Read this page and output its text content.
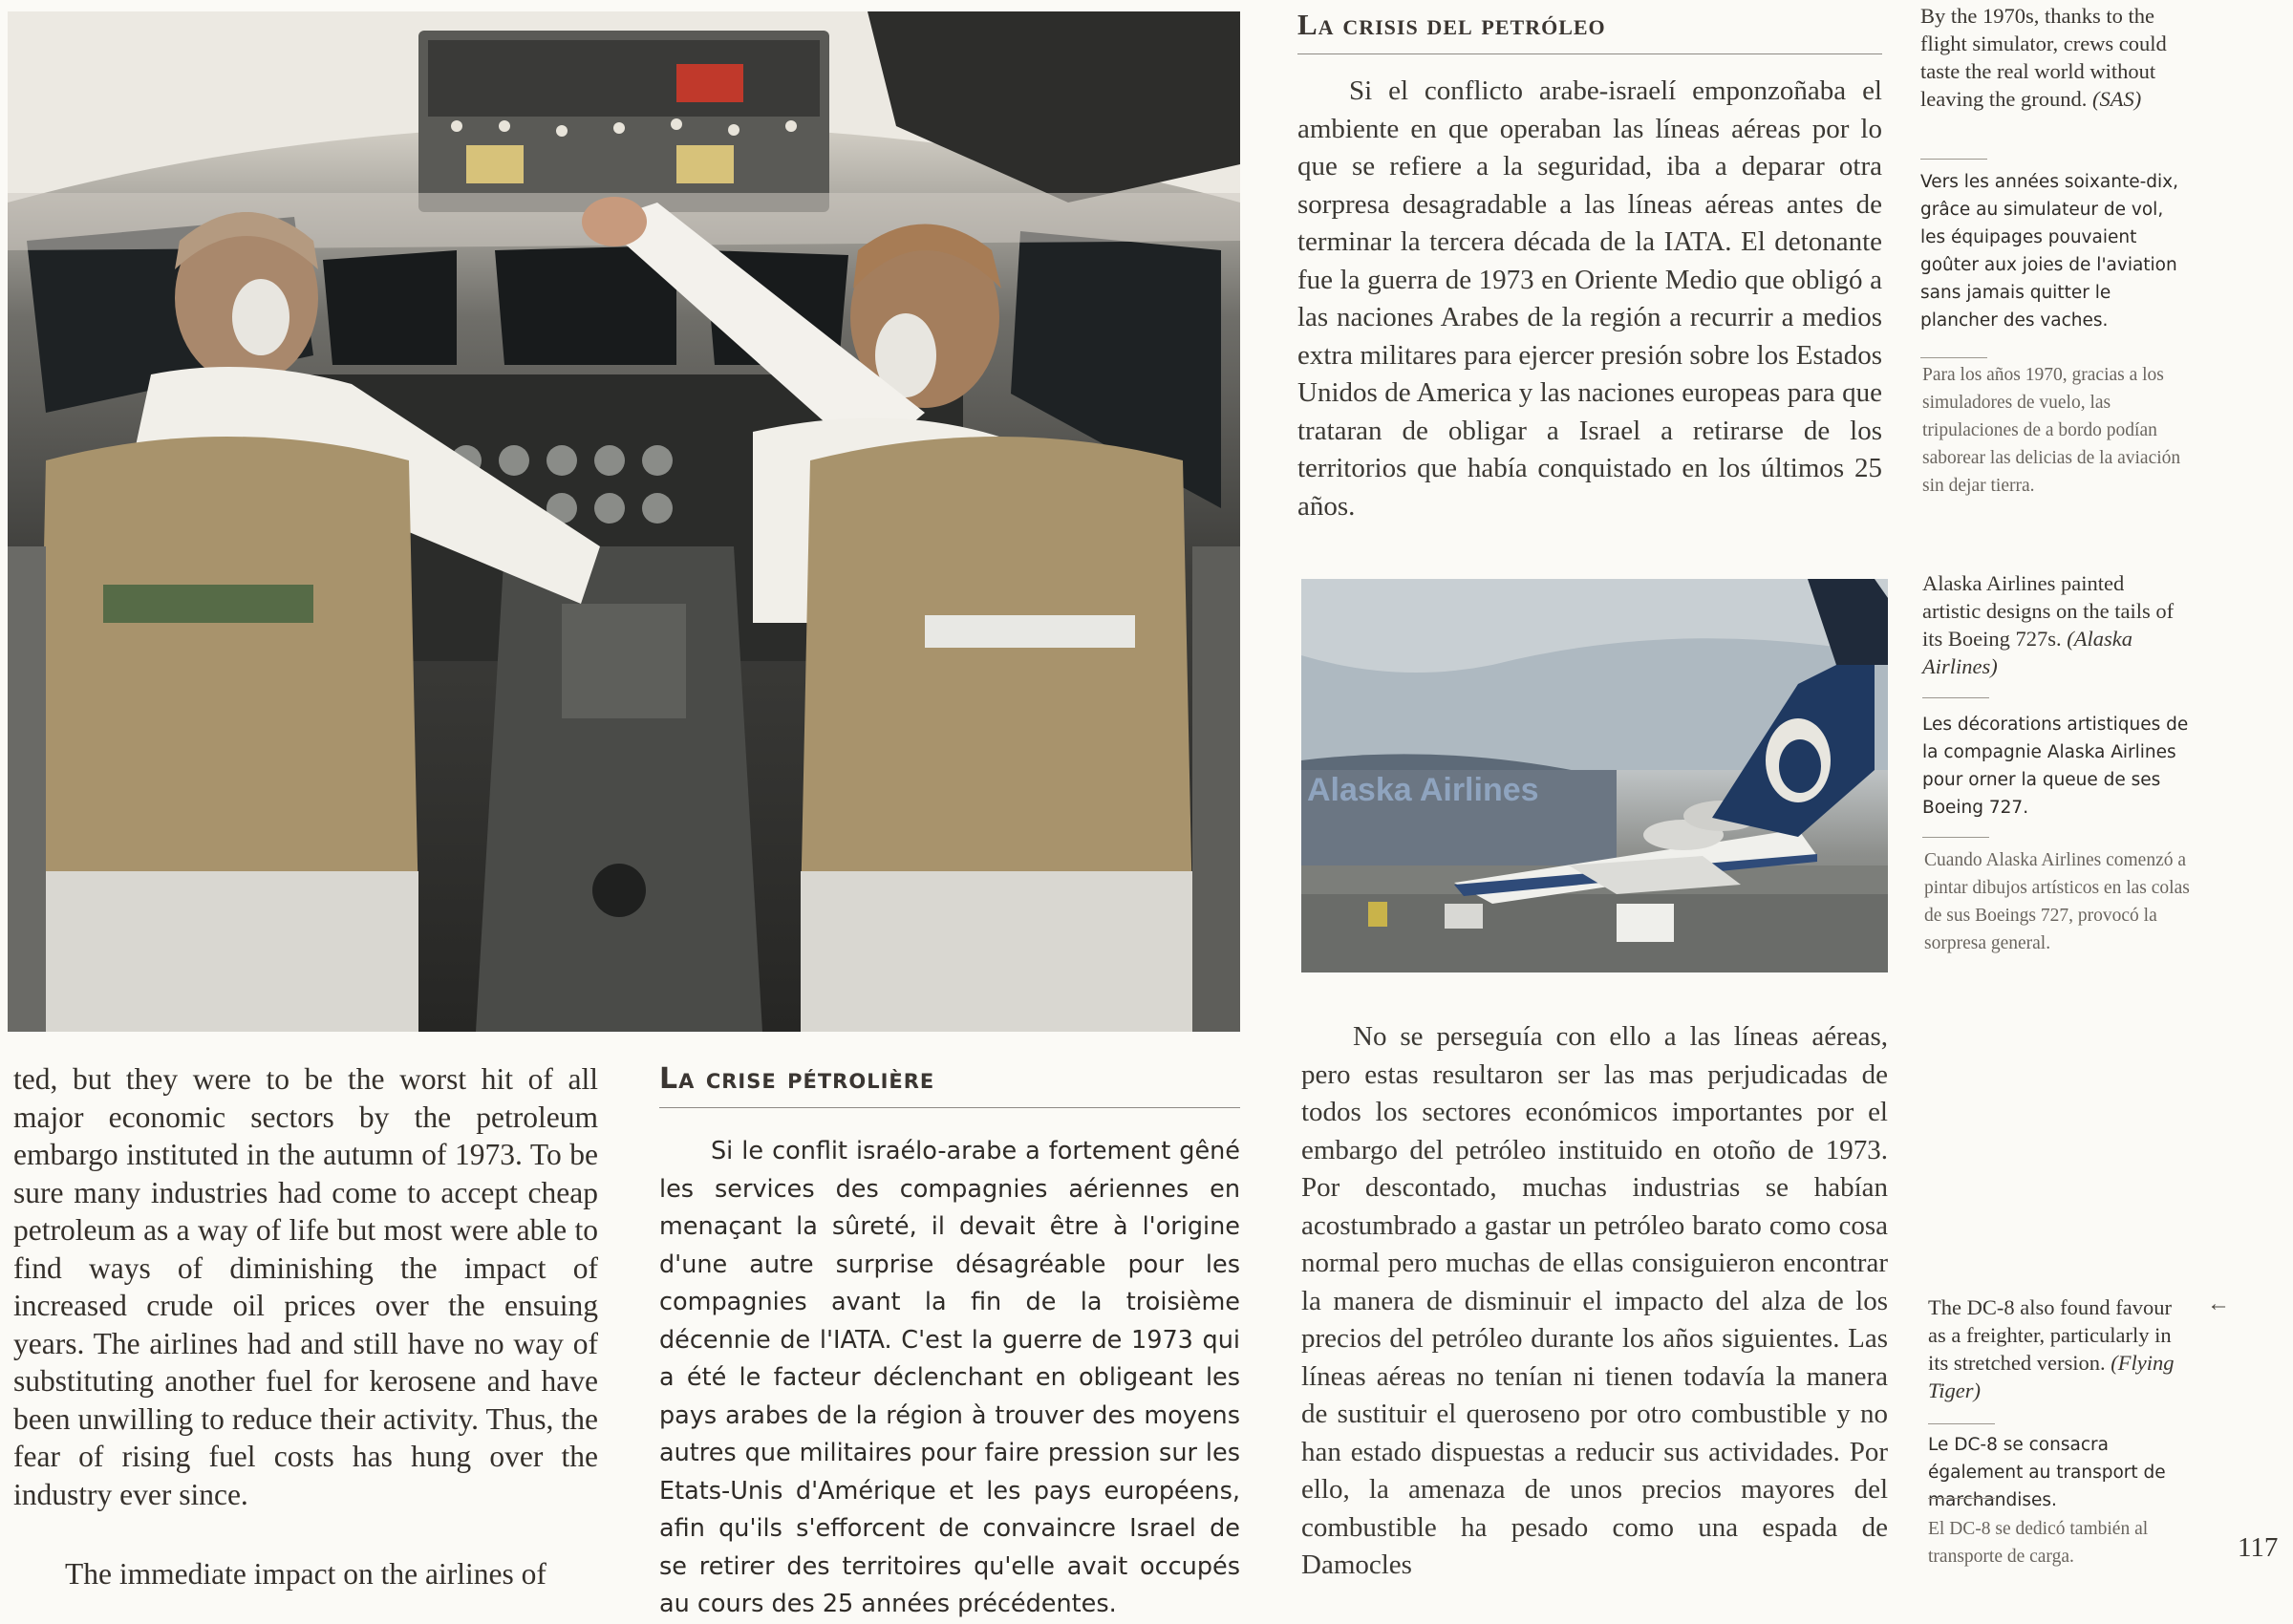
La crisis del petróleo

Si el conflicto arabe-israelí emponzoñaba el ambiente en que operaban las líneas aéreas por lo que se refiere a la seguridad, iba a deparar otra sorpresa desagradable a las líneas aéreas antes de terminar la tercera década de la IATA. El detonante fue la guerra de 1973 en Oriente Medio que obligó a las naciones Arabes de la región a recurrir a medios extra militares para ejercer presión sobre los Estados Unidos de America y las naciones europeas para que trataran de obligar a Israel a retirarse de los territorios que había conquistado en los últimos 25 años.

By the 1970s, thanks to the flight simulator, crews could taste the real world without leaving the ground. (SAS)

Vers les années soixante-dix, grâce au simulateur de vol, les équipages pouvaient goûter aux joies de l'aviation sans jamais quitter le plancher des vaches.

Para los años 1970, gracias a los simuladores de vuelo, las tripulaciones de a bordo podían saborear las delicias de la aviación sin dejar tierra.

Alaska Airlines

Alaska Airlines painted artistic designs on the tails of its Boeing 727s. (Alaska Airlines)

Les décorations artistiques de la compagnie Alaska Airlines pour orner la queue de ses Boeing 727.

Cuando Alaska Airlines comenzó a pintar dibujos artísticos en las colas de sus Boeings 727, provocó la sorpresa general.

ted, but they were to be the worst hit of all major economic sectors by the petroleum embargo instituted in the autumn of 1973. To be sure many industries had come to accept cheap petroleum as a way of life but most were able to find ways of diminishing the impact of increased crude oil prices over the ensuing years. The airlines had and still have no way of substituting another fuel for kerosene and have been unwilling to reduce their activity. Thus, the fear of rising fuel costs has hung over the industry ever since.

The immediate impact on the airlines of

La crise pétrolière

Si le conflit israélo-arabe a fortement gêné les services des compagnies aériennes en menaçant la sûreté, il devait être à l'origine d'une autre surprise désagréable pour les compagnies avant la fin de la troisième décennie de l'IATA. C'est la guerre de 1973 qui a été le facteur déclenchant en obligeant les pays arabes de la région à trouver des moyens autres que militaires pour faire pression sur les Etats-Unis d'Amérique et les pays européens, afin qu'ils s'efforcent de convaincre Israel de se retirer des territoires qu'elle avait occupés au cours des 25 années précédentes.

No se perseguía con ello a las líneas aéreas, pero estas resultaron ser las mas perjudicadas de todos los sectores económicos importantes por el embargo del petróleo instituido en otoño de 1973. Por descontado, muchas industrias se habían acostumbrado a gastar un petróleo barato como cosa normal pero muchas de ellas consiguieron encontrar la manera de disminuir el impacto del alza de los precios del petróleo durante los años siguientes. Las líneas aéreas no tenían ni tienen todavía la manera de sustituir el queroseno por otro combustible y no han estado dispuestas a reducir sus actividades. Por ello, la amenaza de unos precios mayores del combustible ha pesado como una espada de Damocles

←

The DC-8 also found favour as a freighter, particularly in its stretched version. (Flying Tiger)

Le DC-8 se consacra également au transport de marchandises.

El DC-8 se dedicó también al transporte de carga.	117
